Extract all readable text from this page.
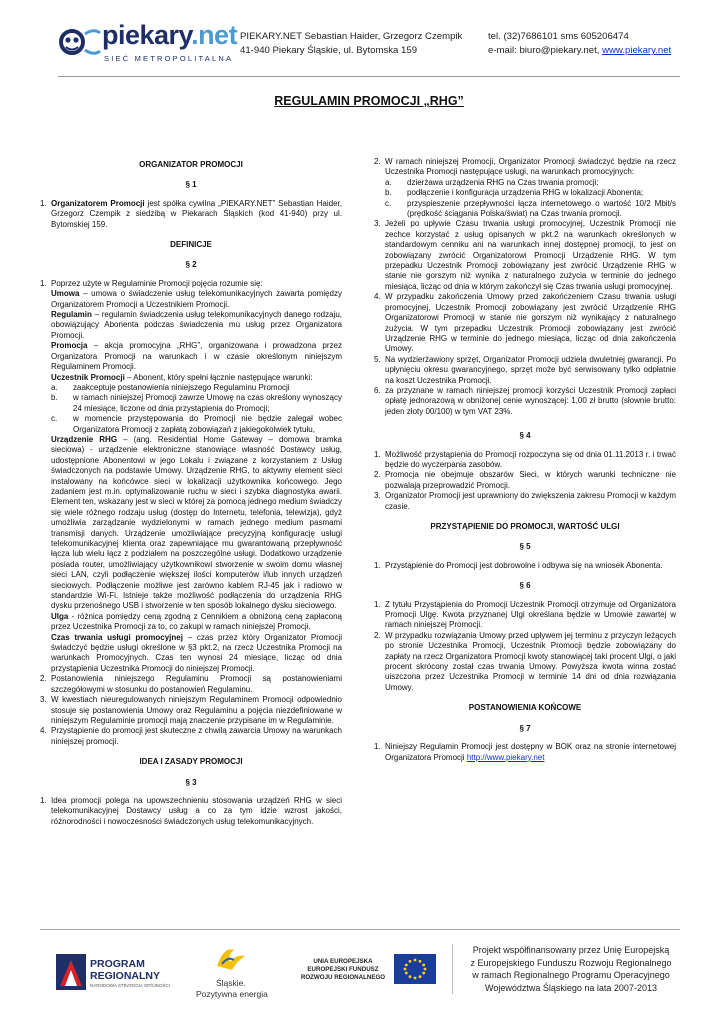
piekary.net
SIEĆ METROPOLITALNA
PIEKARY.NET Sebastian Haider, Grzegorz Czempik
41-940 Piekary Śląskie, ul. Bytomska 159
tel. (32)7686101 sms 605206474
e-mail: biuro@piekary.net, www.piekary.net
REGULAMIN PROMOCJI „RHG”
ORGANIZATOR PROMOCJI
§ 1
1. Organizatorem Promocji jest spółka cywilna „PIEKARY.NET” Sebastian Haider, Grzegorz Czempik z siedzibą w Piekarach Śląskich (kod 41-940) przy ul. Bytomskiej 159.
DEFINICJE
§ 2
1. Poprzez użyte w Regulaminie Promocji pojęcia rozumie się:

Umowa – umowa o świadczenie usług telekomunikacyjnych zawarta pomiędzy Organizatorem Promocji a Uczestnikiem Promocji.

Regulamin – regulamin świadczenia usług telekomunikacyjnych danego rodzaju, obowiązujący Abonenta podczas świadczenia mu usług przez Organizatora Promocji.

Promocja – akcja promocyjna „RHG”, organizowana i prowadzona przez Organizatora Promocji na warunkach i w czasie określonym niniejszym Regulaminem Promocji.

Uczestnik Promocji – Abonent, który spełni łącznie następujące warunki:

a.	zaakceptuje postanowienia niniejszego Regulaminu Promocji
b.	w ramach niniejszej Promocji zawrze Umowę na czas określony wynoszący 24 miesiące, liczone od dnia przystąpienia do Promocji;
c.	w momencie przystępowania do Promocji nie będzie zalegał wobec Organizatora Promocji z zapłatą zobowiązań z jakiegokolwiek tytułu,

Urządzenie RHG – (ang. Residential Home Gateway – domowa bramka sieciowa) - urządzenie elektroniczne stanowiące własność Dostawcy usług, udostępnione Abonentowi w jego Lokalu i związane z korzystaniem z Usług świadczonych na podstawie Umowy. Urządzenie RHG, to aktywny element sieci instalowany na końcówce sieci w lokalizacji użytkownika końcowego. Jego zadaniem jest m.in. optymalizowanie ruchu w sieci i szybka diagnostyka awarii. Element ten, wskazany jest w sieci w której za pomocą jednego medium świadczy się wiele różnego rodzaju usług (dostęp do Internetu, telefonia, telewizja), gdyż umożliwia zarządzanie wydzielonymi w ramach jednego medium pasmami transmisji danych. Urządzenie umożliwiające precyzyjną konfigurację usługi telekomunikacyjnej klienta oraz zapewniające mu gwarantowaną przepływność łącza lub wielu łącz z podziałem na poszczególne usługi. Dodatkowo urządzenie posiada router, umożliwiający użytkownikowi stworzenie w swoim domu własnej sieci LAN, czyli podłączenie większej ilości komputerów i/lub innych urządzeń sieciowych. Podłączenie możliwe jest zarówno kablem RJ-45 jak i radiowo w standardzie Wi-Fi. Istnieje także możliwość podłączenia do urządzenia RHG dysku przenośnego USB i stworzenie w ten sposób lokalnego dysku sieciowego.

Ulga - różnica pomiędzy ceną zgodną z Cennikiem a obniżoną ceną zapłaconą przez Uczestnika Promocji za to, co zakupi w ramach niniejszej Promocji.

Czas trwania usługi promocyjnej – czas przez który Organizator Promocji świadczyć będzie usługi określone w §3 pkt.2, na rzecz Uczestnika Promocji na warunkach Promocyjnych. Czas ten wynosi 24 miesiące, licząc od dnia przystąpienia Uczestnika Promocji do niniejszej Promocji.

2. Postanowienia niniejszego Regulaminu Promocji są postanowieniami szczegółowymi w stosunku do postanowień Regulaminu.
3. W kwestiach nieuregulowanych niniejszym Regulaminem Promocji odpowiednio stosuje się postanowienia Umowy oraz Regulaminu a pojęcia niezdefiniowane w niniejszym Regulaminie promocji mają znaczenie przypisane im w Regulaminie.
4. Przystąpienie do promocji jest skuteczne z chwilą zawarcia Umowy na warunkach niniejszej promocji.
IDEA I ZASADY PROMOCJI
§ 3
1. Idea promocji polega na upowszechnieniu stosowania urządzeń RHG w sieci telekomunikacyjnej Dostawcy usług a co za tym idzie wzrost jakości, różnorodności i nowoczesności świadczonych usług telekomunikacyjnych.
2. W ramach niniejszej Promocji, Organizator Promocji świadczyć będzie na rzecz Uczestnika Promocji następujące usługi, na warunkach promocyjnych:
a.	dzierżawa urządzenia RHG na Czas trwania promocji;
b.	podłączenie i konfiguracja urządzenia RHG w lokalizacji Abonenta;
c.	przyspieszenie przepływności łącza internetowego o wartość 10/2 Mbit/s (prędkość ściągania Polska/świat) na Czas trwania promocji.
3. Jeżeli po upływie Czasu trwania usługi promocyjnej, Uczestnik Promocji nie zechce korzystać z usług opisanych w pkt.2 na warunkach określonych w standardowym cenniku ani na warunkach innej dostępnej promocji, to jest on zobowiązany zwrócić Organizatorowi Promocji Urządzenie RHG. W tym przepadku Uczestnik Promocji zobowiązany jest zwrócić Urządzenie RHG w stanie nie gorszym niż wynika z naturalnego zużycia w terminie do jednego miesiąca, licząc od dnia w którym zakończył się Czas trwania usługi promocyjnej.
4. W przypadku zakończenia Umowy przed zakończeniem Czasu trwania usługi promocyjnej, Uczestnik Promocji zobowiązany jest zwrócić Urządzenie RHG Organizatorowi Promocji w stanie nie gorszym niż wynikający z naturalnego zużycia. W tym przepadku Uczestnik Promocji zobowiązany jest zwrócić Urządzenie RHG w terminie do jednego miesiąca, licząc od dnia zakończenia Umowy.
5. Na wydzierżawiony sprzęt, Organizator Promocji udziela dwuletniej gwarancji. Po upłynięciu okresu gwarancyjnego, sprzęt może być serwisowany tylko odpłatnie na koszt Uczestnika Promocji.
6. za przyznane w ramach niniejszej promocji korzyści Uczestnik Promocji zapłaci opłatę jednorazową w obniżonej cenie wynoszącej: 1,00 zł brutto (słownie brutto: jeden złoty 00/100) w tym VAT 23%.
§ 4
1. Możliwość przystąpienia do Promocji rozpoczyna się od dnia 01.11.2013 r. i trwać będzie do wyczerpania zasobów.
2. Promocja nie obejmuje obszarów Sieci, w których warunki techniczne nie pozwalają przeprowadzić Promocji.
3. Organizator Promocji jest uprawniony do zwiększenia zakresu Promocji w każdym czasie.
PRZYSTĄPIENIE DO PROMOCJI, WARTOŚĆ ULGI
§ 5
1. Przystąpienie do Promocji jest dobrowolne i odbywa się na wniosek Abonenta.
§ 6
1. Z tytułu Przystąpienia do Promocji Uczestnik Promocji otrzymuje od Organizatora Promocji Ulgę. Kwota przyznanej Ulgi określana będzie w Umowie zawartej w ramach niniejszej Promocji.
2. W przypadku rozwiązania Umowy przed upływem jej terminu z przyczyn leżących po stronie Uczestnika Promocji, Uczestnik Promocji będzie zobowiązany do zapłaty na rzecz Organizatora Promocji kwoty stanowiącej taki procent Ulgi, o jaki procent skrócony został czas trwania Umowy. Powyższa kwota winna zostać uiszczona przez Uczestnika Promocji w terminie 14 dni od dnia rozwiązania Umowy.
POSTANOWIENIA KOŃCOWE
§ 7
1. Niniejszy Regulamin Promocji jest dostępny w BOK oraz na stronie internetowej Organizatora Promocji http://www.piekary.net
PROGRAM
REGIONALNY
NARODOWA STRATEGIA SPÓJNOŚCI	Śląskie.
Pozytywna energia
UNIA EUROPEJSKA
EUROPEJSKI FUNDUSZ
ROZWOJU REGIONALNEGO
Projekt współfinansowany przez Unię Europejską
z Europejskiego Funduszu Rozwoju Regionalnego
w ramach Regionalnego Programu Operacyjnego
Województwa Śląskiego na lata 2007-2013
